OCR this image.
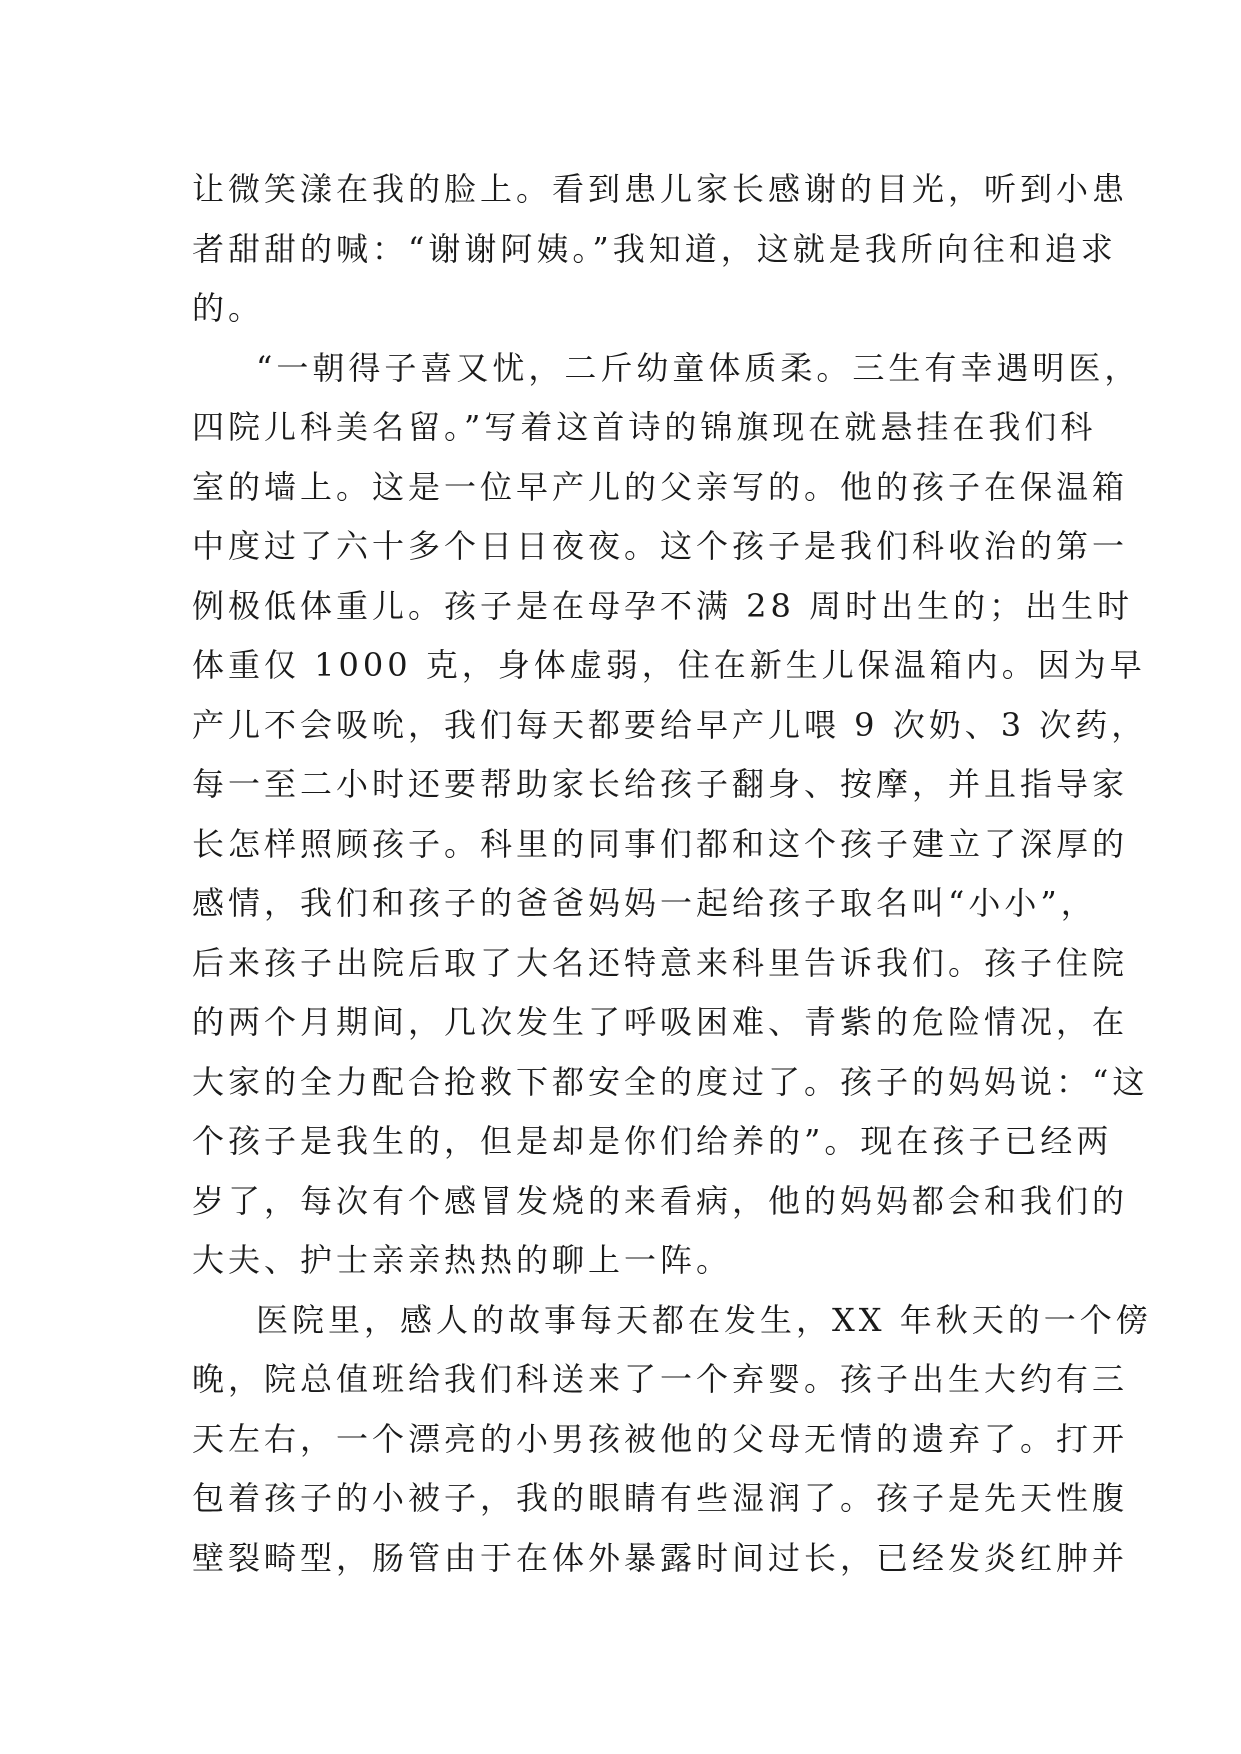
让微笑漾在我的脸上。看到患儿家长感谢的目光，听到小患
者甜甜的喊：“谢谢阿姨。”我知道，这就是我所向往和追求
的。
“一朝得子喜又忧，二斤幼童体质柔。三生有幸遇明医，
四院儿科美名留。”写着这首诗的锦旗现在就悬挂在我们科
室的墙上。这是一位早产儿的父亲写的。他的孩子在保温箱
中度过了六十多个日日夜夜。这个孩子是我们科收治的第一
例极低体重儿。孩子是在母孕不满 28 周时出生的；出生时
体重仅 1000 克，身体虚弱，住在新生儿保温箱内。因为早
产儿不会吸吮，我们每天都要给早产儿喂 9 次奶、3 次药，
每一至二小时还要帮助家长给孩子翻身、按摩，并且指导家
长怎样照顾孩子。科里的同事们都和这个孩子建立了深厚的
感情，我们和孩子的爸爸妈妈一起给孩子取名叫“小小”，
后来孩子出院后取了大名还特意来科里告诉我们。孩子住院
的两个月期间，几次发生了呼吸困难、青紫的危险情况，在
大家的全力配合抢救下都安全的度过了。孩子的妈妈说：“这
个孩子是我生的，但是却是你们给养的”。现在孩子已经两
岁了，每次有个感冒发烧的来看病，他的妈妈都会和我们的
大夫、护士亲亲热热的聊上一阵。
医院里，感人的故事每天都在发生，XX 年秋天的一个傍
晚，院总值班给我们科送来了一个弃婴。孩子出生大约有三
天左右，一个漂亮的小男孩被他的父母无情的遗弃了。打开
包着孩子的小被子，我的眼睛有些湿润了。孩子是先天性腹
壁裂畸型，肠管由于在体外暴露时间过长，已经发炎红肿并
